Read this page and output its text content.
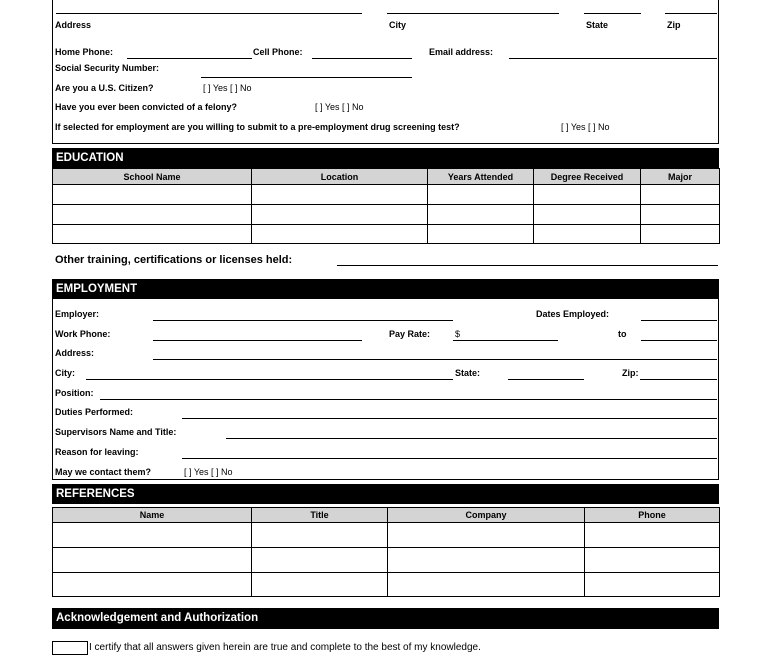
Address	City	State	Zip
Home Phone:	Cell Phone:	Email address:
Social Security Number:
Are you a U.S. Citizen?	[ ] Yes [ ] No
Have you ever been convicted of a felony?	[ ] Yes [ ] No
If selected for employment are you willing to submit to a pre-employment drug screening test?	[ ] Yes [ ] No
EDUCATION
School Name	Location	Years Attended	Degree Received	Major

Other training, certifications or licenses held:
EMPLOYMENT
Employer:	Dates Employed:
Work Phone:	Pay Rate:	$	to
Address:
City:	State:	Zip:
Position:
Duties Performed:
Supervisors Name and Title:
Reason for leaving:
May we contact them?	[ ] Yes [ ] No
REFERENCES
Name	Title	Company	Phone

Acknowledgement and Authorization
I certify that all answers given herein are true and complete to the best of my knowledge.
